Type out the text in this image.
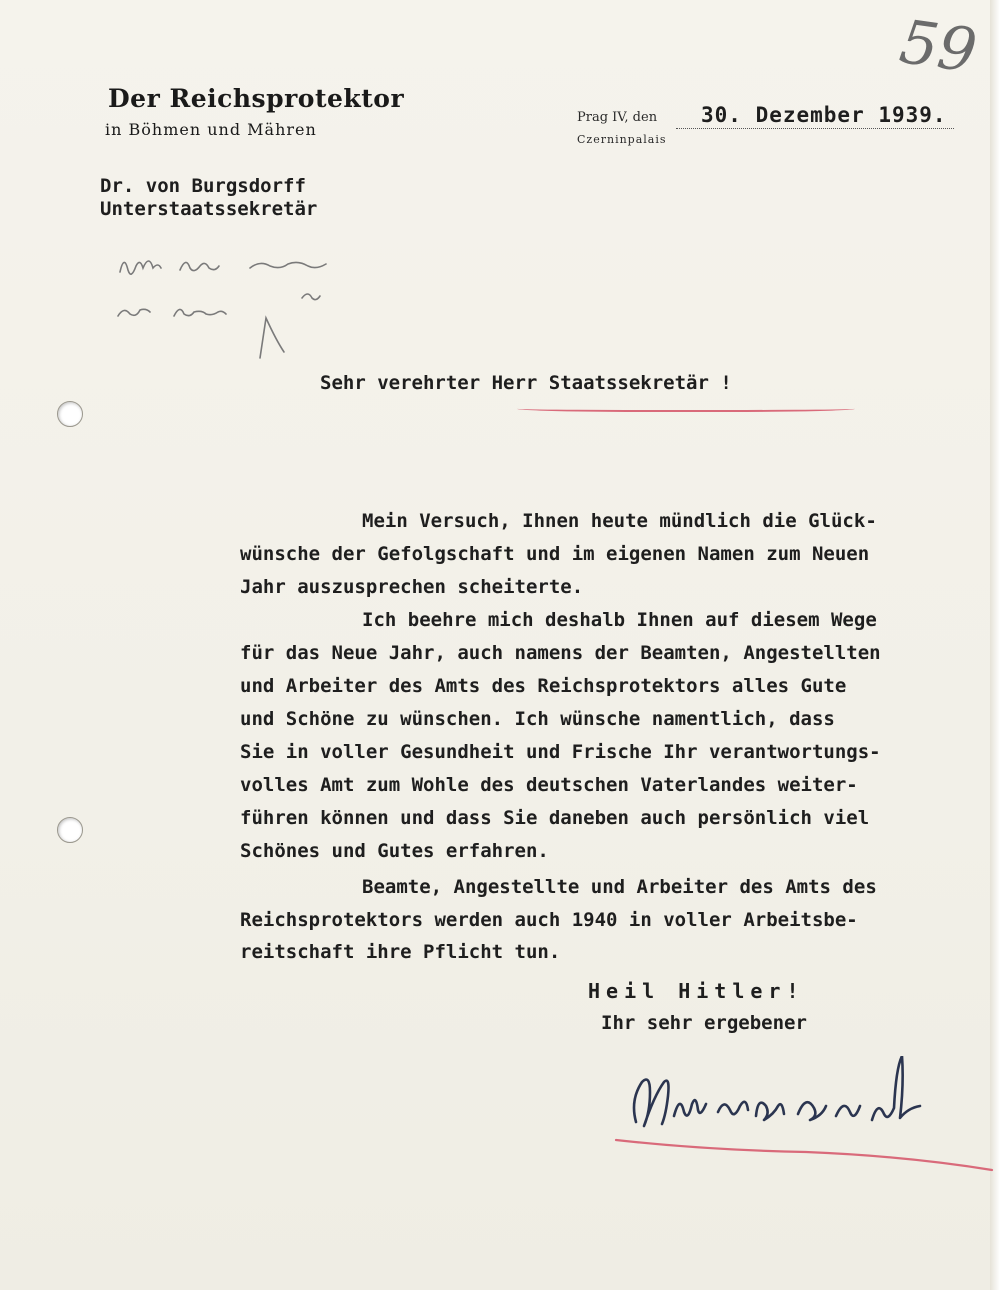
59
Der Reichsprotektor
in Böhmen und Mähren
Dr. von Burgsdorff
Unterstaatssekretär
Prag IV, den 30. Dezember 1939.
Czerninpalais
Sehr verehrter Herr Staatssekretär !
Mein Versuch, Ihnen heute mündlich die Glück-
wünsche der Gefolgschaft und im eigenen Namen zum Neuen
Jahr auszusprechen scheiterte.
Ich beehre mich deshalb Ihnen auf diesem Wege
für das Neue Jahr, auch namens der Beamten, Angestellten
und Arbeiter des Amts des Reichsprotektors alles Gute
und Schöne zu wünschen. Ich wünsche namentlich, dass
Sie in voller Gesundheit und Frische Ihr verantwortungs-
volles Amt zum Wohle des deutschen Vaterlandes weiter-
führen können und dass Sie daneben auch persönlich viel
Schönes und Gutes erfahren.
Beamte, Angestellte und Arbeiter des Amts des
Reichsprotektors werden auch 1940 in voller Arbeitsbe-
reitschaft ihre Pflicht tun.
Heil Hitler!
Ihr sehr ergebener
